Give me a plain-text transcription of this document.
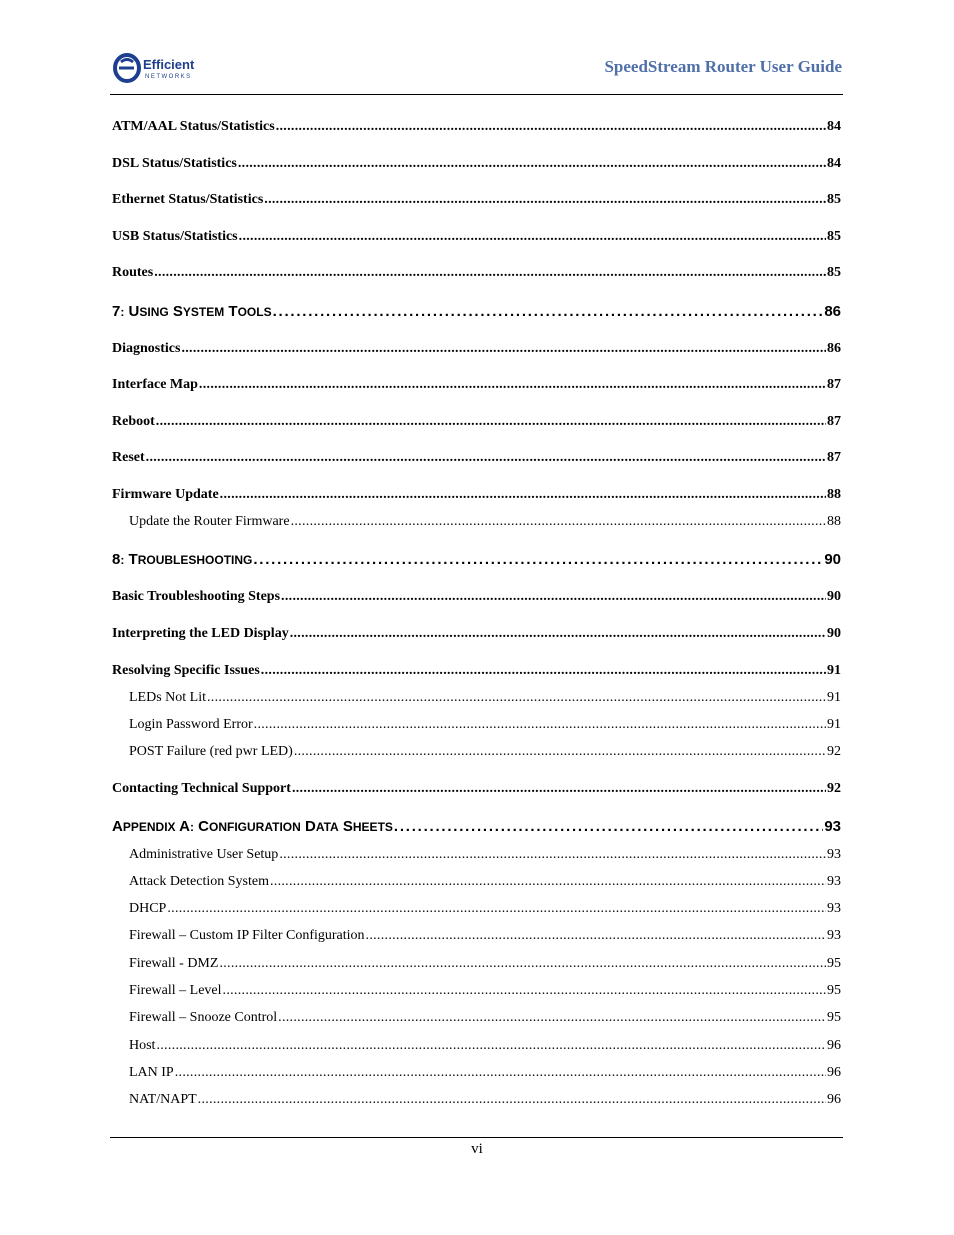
Efficient
NETWORKS
SpeedStream Router User Guide
ATM/AAL Status/Statistics . . .	84
DSL Status/Statistics . . .	84
Ethernet Status/Statistics . . .	85
USB Status/Statistics . . .	85
Routes . . .	85
7: USING SYSTEM TOOLS . . .	86
Diagnostics . . .	86
Interface Map . . .	87
Reboot . . .	87
Reset . . .	87
Firmware Update . . .	88
Update the Router Firmware . . .	88
8: TROUBLESHOOTING . . .	90
Basic Troubleshooting Steps . . .	90
Interpreting the LED Display . . .	90
Resolving Specific Issues . . .	91
LEDs Not Lit . . .	91
Login Password Error . . .	91
POST Failure (red pwr LED) . . .	92
Contacting Technical Support . . .	92
APPENDIX A: CONFIGURATION DATA SHEETS . . .	93
Administrative User Setup . . .	93
Attack Detection System . . .	93
DHCP . . .	93
Firewall – Custom IP Filter Configuration . . .	93
Firewall - DMZ . . .	95
Firewall – Level . . .	95
Firewall – Snooze Control . . .	95
Host . . .	96
LAN IP . . .	96
NAT/NAPT . . .	96
vi
